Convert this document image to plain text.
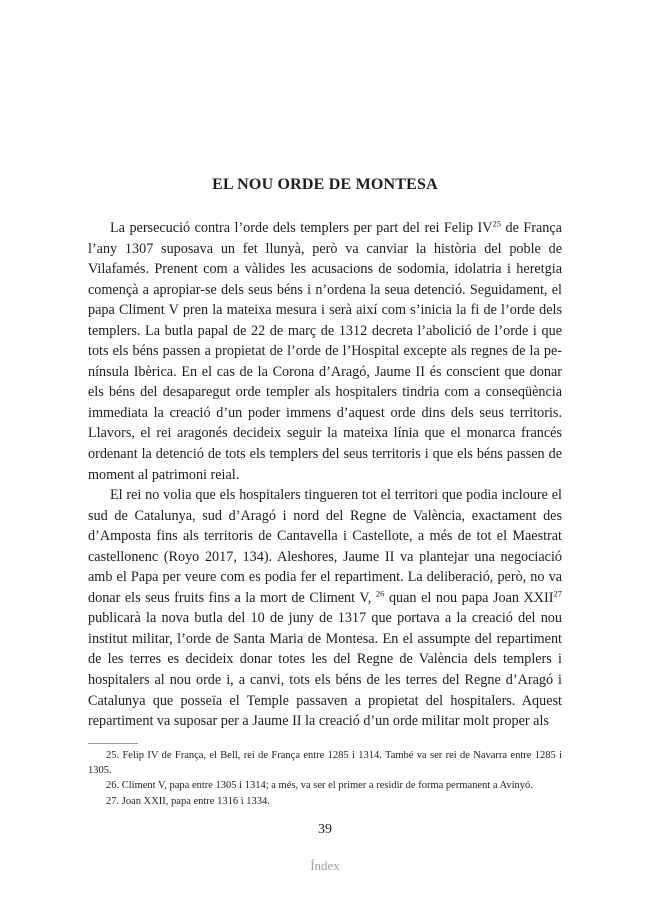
EL NOU ORDE DE MONTESA

La persecució contra l’orde dels templers per part del rei Felip IV$^{25}$ de França l’any 1307 suposava un fet llunyà, però va canviar la història del poble de Vilafamés. Prenent com a vàlides les acusacions de sodomia, idolatria i heretgia començà a apropiar-se dels seus béns i n’ordena la seua detenció. Seguidament, el papa Climent V pren la mateixa mesura i serà així com s’inicia la fi de l’orde dels templers. La butla papal de 22 de març de 1312 decreta l’abolició de l’orde i que tots els béns passen a propietat de l’orde de l’Hospital excepte als regnes de la península Ibèrica. En el cas de la Corona d’Aragó, Jaume II és conscient que donar els béns del desaparegut orde templer als hospitalers tindria com a conseqüència immediata la creació d’un poder immens d’aquest orde dins dels seus territoris. Llavors, el rei aragonés decideix seguir la mateixa línia que el monarca francés ordenant la detenció de tots els templers del seus territoris i que els béns passen de moment al patrimoni reial.

El rei no volia que els hospitalers tingueren tot el territori que podia incloure el sud de Catalunya, sud d’Aragó i nord del Regne de València, exactament des d’Amposta fins als territoris de Cantavella i Castellote, a més de tot el Maestrat castellonenc (Royo 2017, 134). Aleshores, Jaume II va plantejar una negociació amb el Papa per veure com es podia fer el repartiment. La deliberació, però, no va donar els seus fruits fins a la mort de Climent V, $^{26}$ quan el nou papa Joan XXII$^{27}$ publicarà la nova butla del 10 de juny de 1317 que portava a la creació del nou institut militar, l’orde de Santa Maria de Montesa. En el assumpte del repartiment de les terres es decideix donar totes les del Regne de València dels templers i hospitalers al nou orde i, a canvi, tots els béns de les terres del Regne d’Aragó i Catalunya que posseïa el Temple passaven a propietat del hospitalers. Aquest repartiment va suposar per a Jaume II la creació d’un orde militar molt proper als

25. Felip IV de França, el Bell, rei de França entre 1285 i 1314. També va ser rei de Navarra entre 1285 i 1305.

26. Climent V, papa entre 1305 i 1314; a més, va ser el primer a residir de forma permanent a Avinyó.

27. Joan XXII, papa entre 1316 i 1334.

39
Índex
